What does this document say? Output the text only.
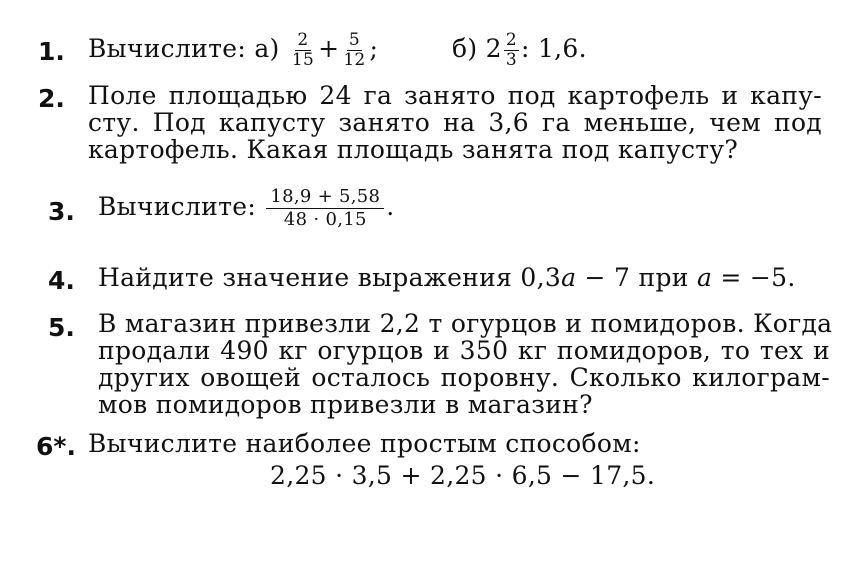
1. Вычислите: $а) \frac{2}{15} + \frac{5}{12}$ ;	б) $2 \frac{2}{3}$ : 1,6.
2. Поле площадью 24 га занято под картофель и капу-
сту. Под капусту занято на 3,6 га меньше, чем под
картофель. Какая площадь занята под капусту?
3. Вычислите: $\frac{18,9 + 5,58}{48 \cdot 0,15}$ .
4. Найдите значение выражения 0,3a − 7 при a = −5.
5. В магазин привезли 2,2 т огурцов и помидоров. Когда
продали 490 кг огурцов и 350 кг помидоров, то тех и
других овощей осталось поровну. Сколько килограм-
мов помидоров привезли в магазин?
6*. Вычислите наиболее простым способом:
2,25 · 3,5 + 2,25 · 6,5 − 17,5.
